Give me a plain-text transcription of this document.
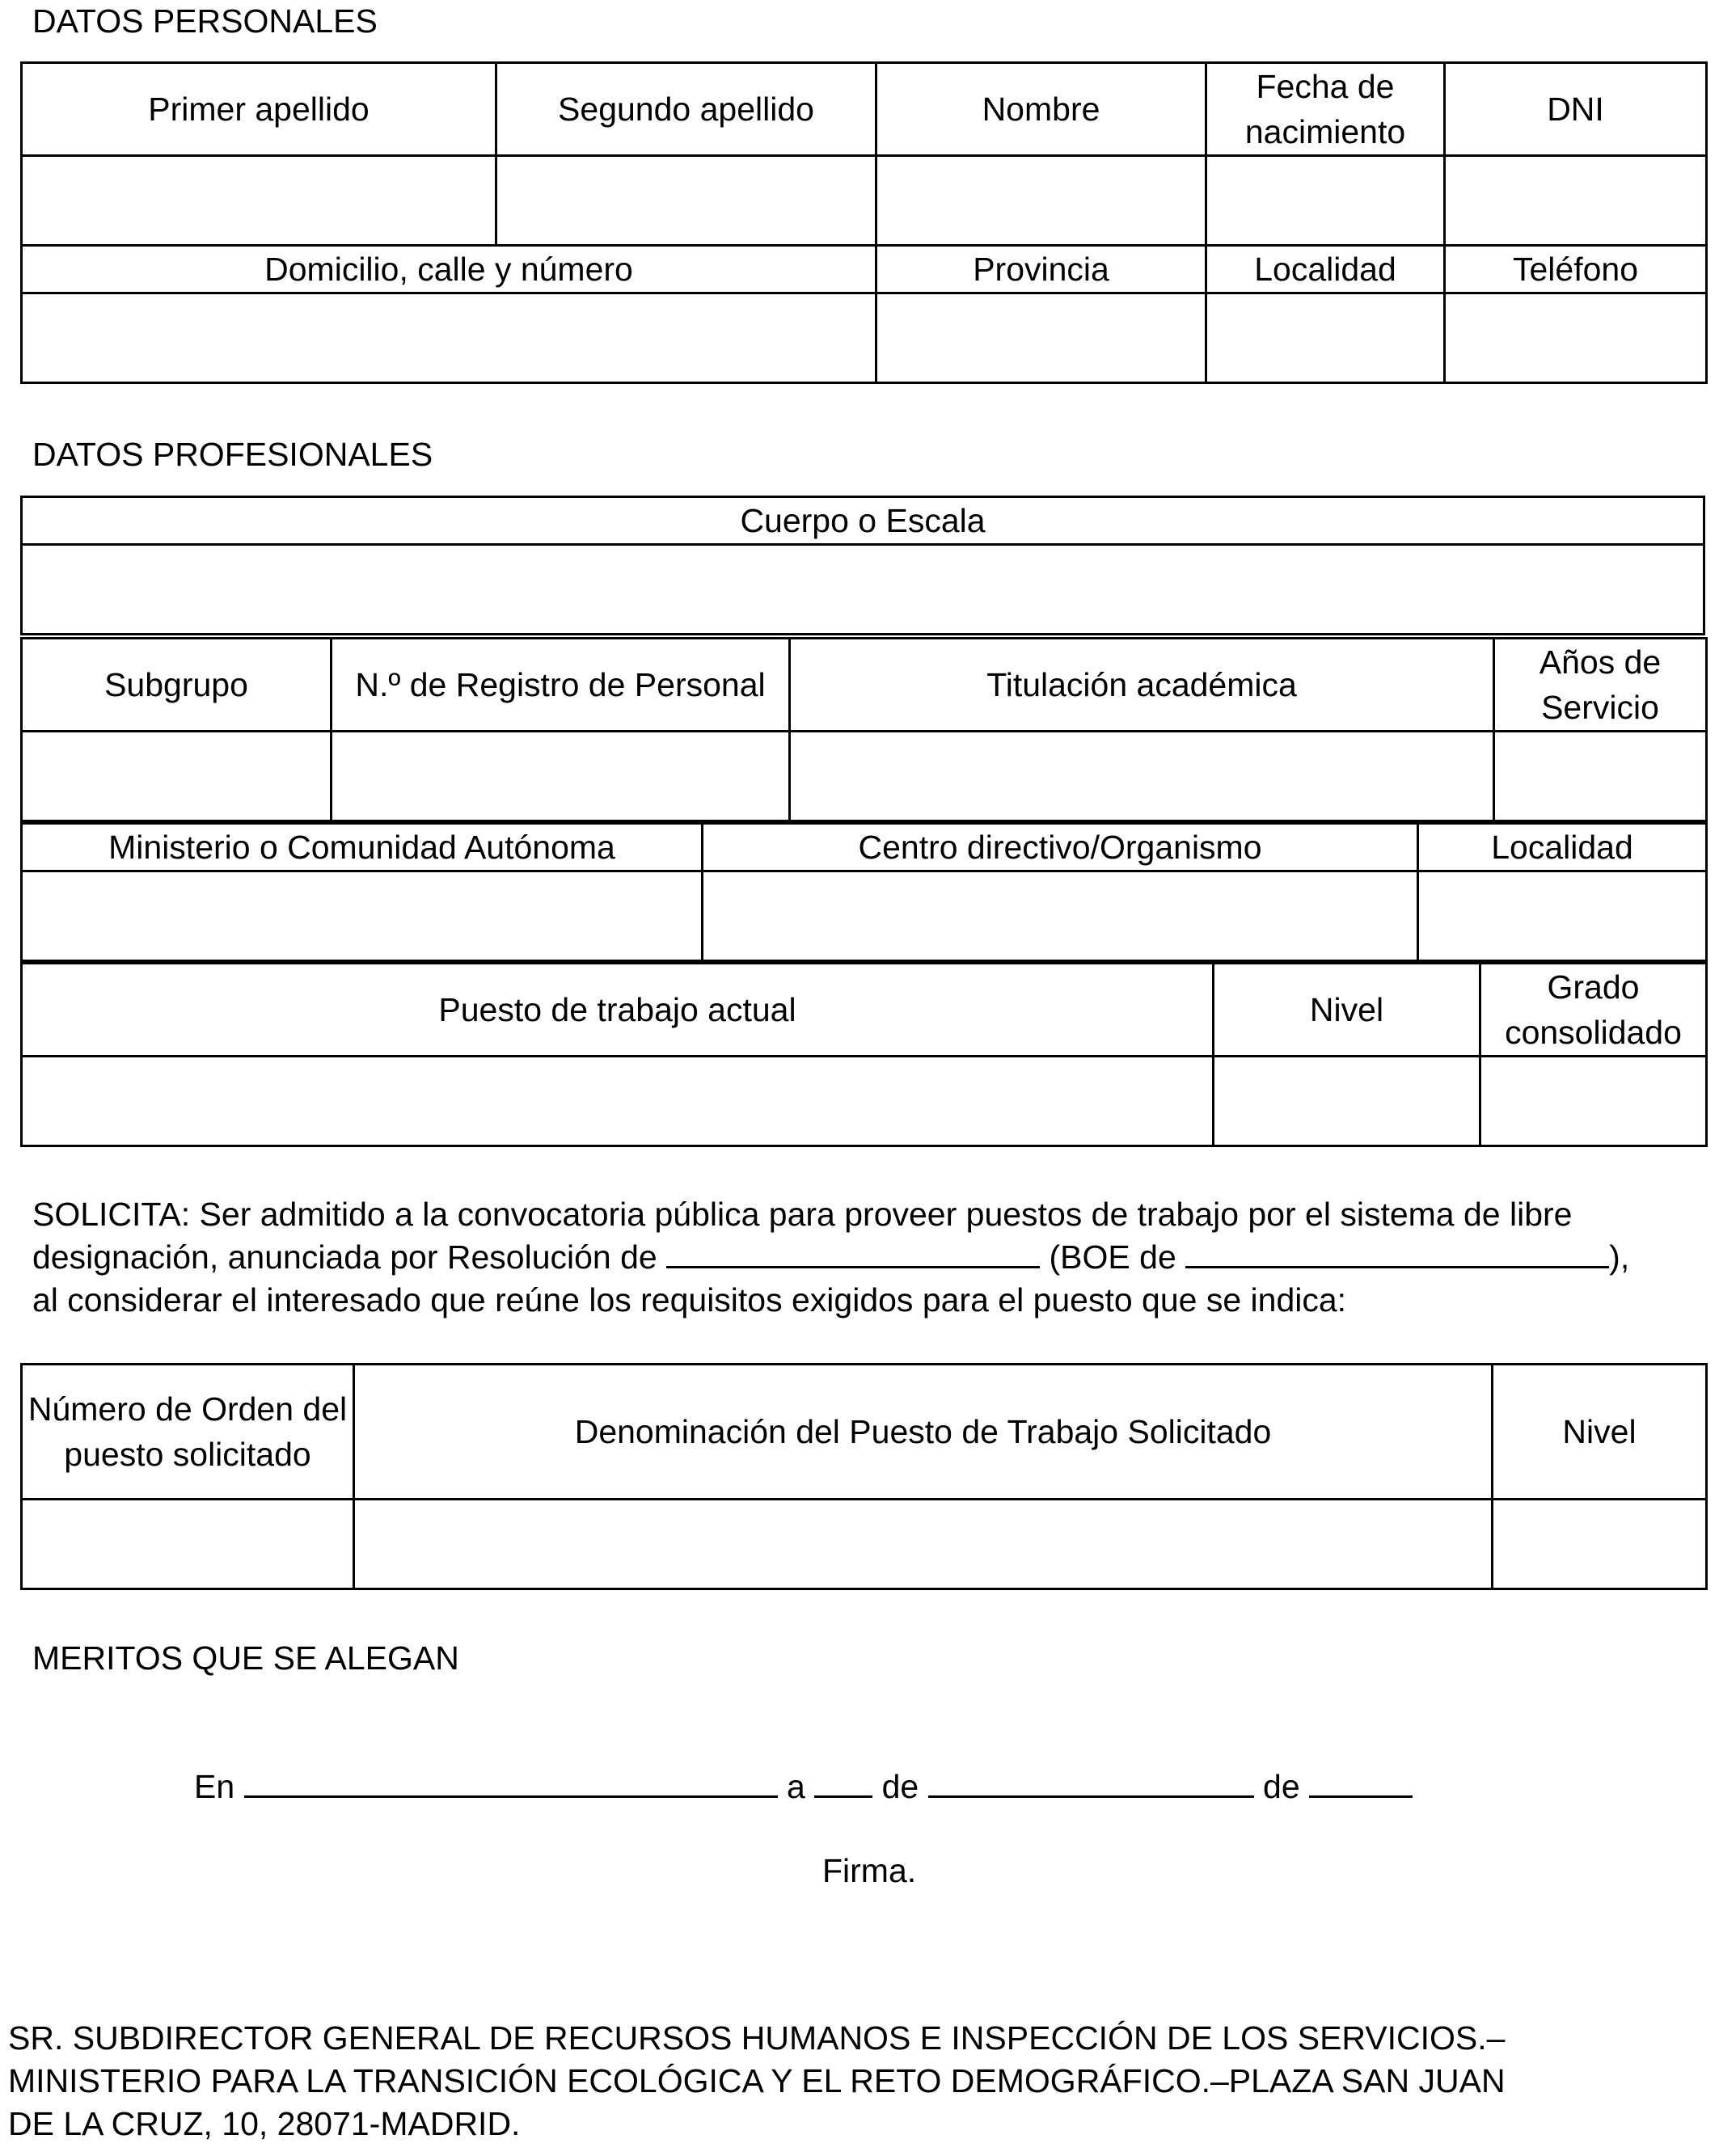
DATOS PERSONALES
Primer apellido	Segundo apellido	Nombre	Fecha de nacimiento	DNI

Domicilio, calle y número		Provincia	Localidad	Teléfono

DATOS PROFESIONALES
Cuerpo o Escala

Subgrupo	N.º de Registro de Personal	Titulación académica	Años de Servicio

Ministerio o Comunidad Autónoma	Centro directivo/Organismo	Localidad

Puesto de trabajo actual	Nivel	Grado consolidado

SOLICITA: Ser admitido a la convocatoria pública para proveer puestos de trabajo por el sistema de libre
designación, anunciada por Resolución de	(BOE de	),
al considerar el interesado que reúne los requisitos exigidos para el puesto que se indica:
Número de Orden del puesto solicitado	Denominación del Puesto de Trabajo Solicitado	Nivel

MERITOS QUE SE ALEGAN
En	a de	de
Firma.
SR. SUBDIRECTOR GENERAL DE RECURSOS HUMANOS E INSPECCIÓN DE LOS SERVICIOS.–
MINISTERIO PARA LA TRANSICIÓN ECOLÓGICA Y EL RETO DEMOGRÁFICO.–PLAZA SAN JUAN
DE LA CRUZ, 10, 28071-MADRID.
